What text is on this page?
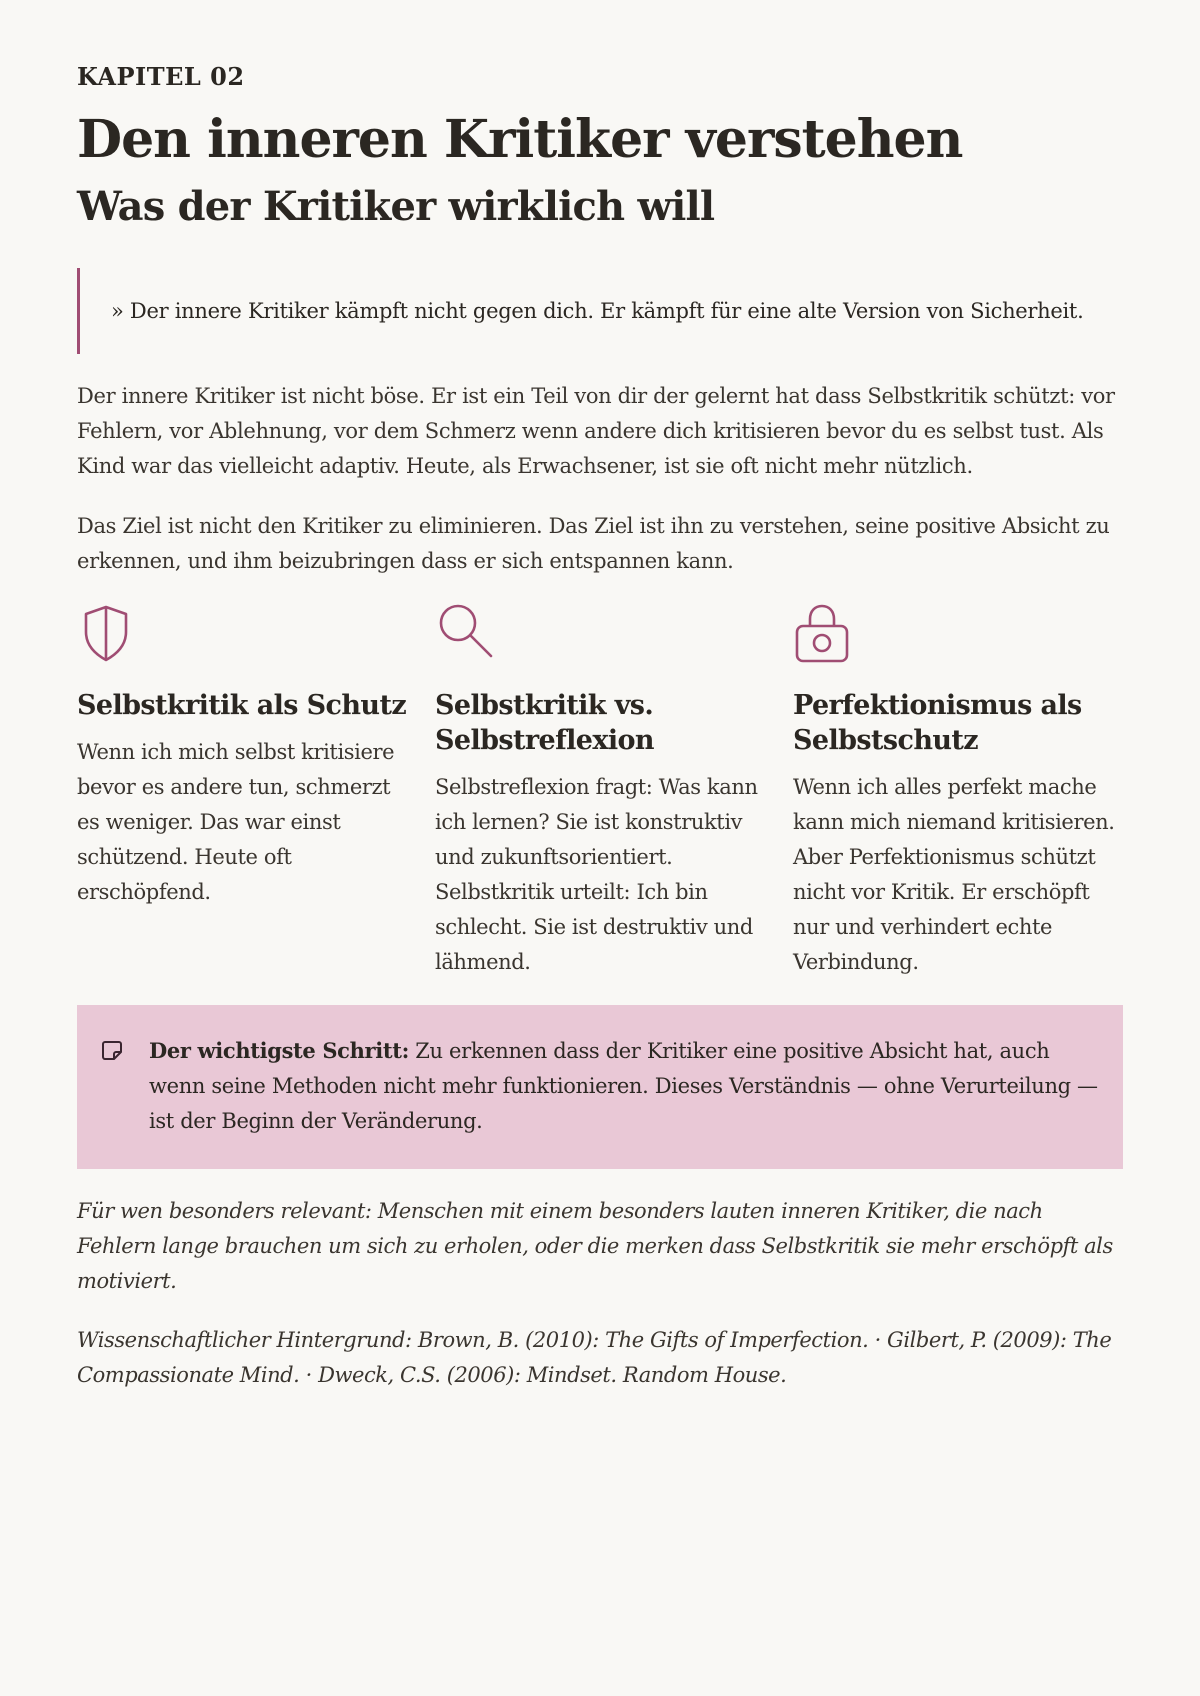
KAPITEL 02
Den inneren Kritiker verstehen
Was der Kritiker wirklich will
» Der innere Kritiker kämpft nicht gegen dich. Er kämpft für eine alte Version von Sicherheit.

Der innere Kritiker ist nicht böse. Er ist ein Teil von dir der gelernt hat dass Selbstkritik schützt: vor Fehlern, vor Ablehnung, vor dem Schmerz wenn andere dich kritisieren bevor du es selbst tust. Als Kind war das vielleicht adaptiv. Heute, als Erwachsener, ist sie oft nicht mehr nützlich.

Das Ziel ist nicht den Kritiker zu eliminieren. Das Ziel ist ihn zu verstehen, seine positive Absicht zu erkennen, und ihm beizubringen dass er sich entspannen kann.

Selbstkritik als Schutz

Wenn ich mich selbst kritisiere bevor es andere tun, schmerzt es weniger. Das war einst schützend. Heute oft erschöpfend.

Selbstkritik vs. Selbstreflexion

Selbstreflexion fragt: Was kann ich lernen? Sie ist konstruktiv und zukunftsorientiert. Selbstkritik urteilt: Ich bin schlecht. Sie ist destruktiv und lähmend.

Perfektionismus als Selbstschutz

Wenn ich alles perfekt mache kann mich niemand kritisieren. Aber Perfektionismus schützt nicht vor Kritik. Er erschöpft nur und verhindert echte Verbindung.

Der wichtigste Schritt: Zu erkennen dass der Kritiker eine positive Absicht hat, auch wenn seine Methoden nicht mehr funktionieren. Dieses Verständnis — ohne Verurteilung — ist der Beginn der Veränderung.

Für wen besonders relevant: Menschen mit einem besonders lauten inneren Kritiker, die nach Fehlern lange brauchen um sich zu erholen, oder die merken dass Selbstkritik sie mehr erschöpft als motiviert.

Wissenschaftlicher Hintergrund: Brown, B. (2010): The Gifts of Imperfection. · Gilbert, P. (2009): The Compassionate Mind. · Dweck, C.S. (2006): Mindset. Random House.
